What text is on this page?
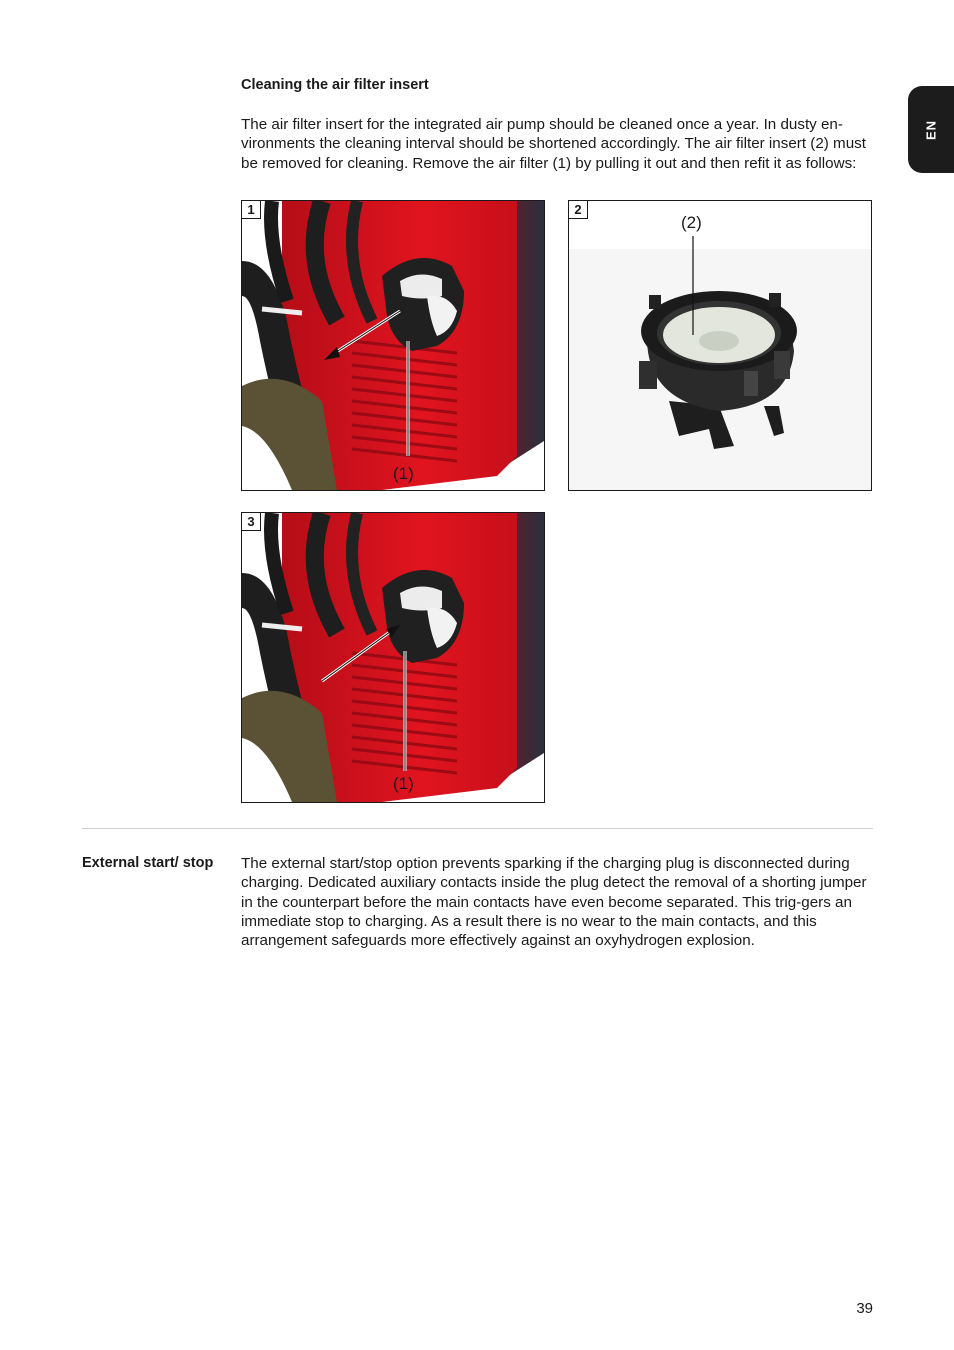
EN
Cleaning the air filter insert

The air filter insert for the integrated air pump should be cleaned once a year. In dusty en-vironments the cleaning interval should be shortened accordingly. The air filter insert (2) must be removed for cleaning. Remove the air filter (1) by pulling it out and then refit it as follows:

1
(1)
2
(2)
3
(1)
External start/ stop	The external start/stop option prevents sparking if the charging plug is disconnected during charging. Dedicated auxiliary contacts inside the plug detect the removal of a shorting jumper in the counterpart before the main contacts have even become separated. This trig-gers an immediate stop to charging. As a result there is no wear to the main contacts, and this arrangement safeguards more effectively against an oxyhydrogen explosion.

39
